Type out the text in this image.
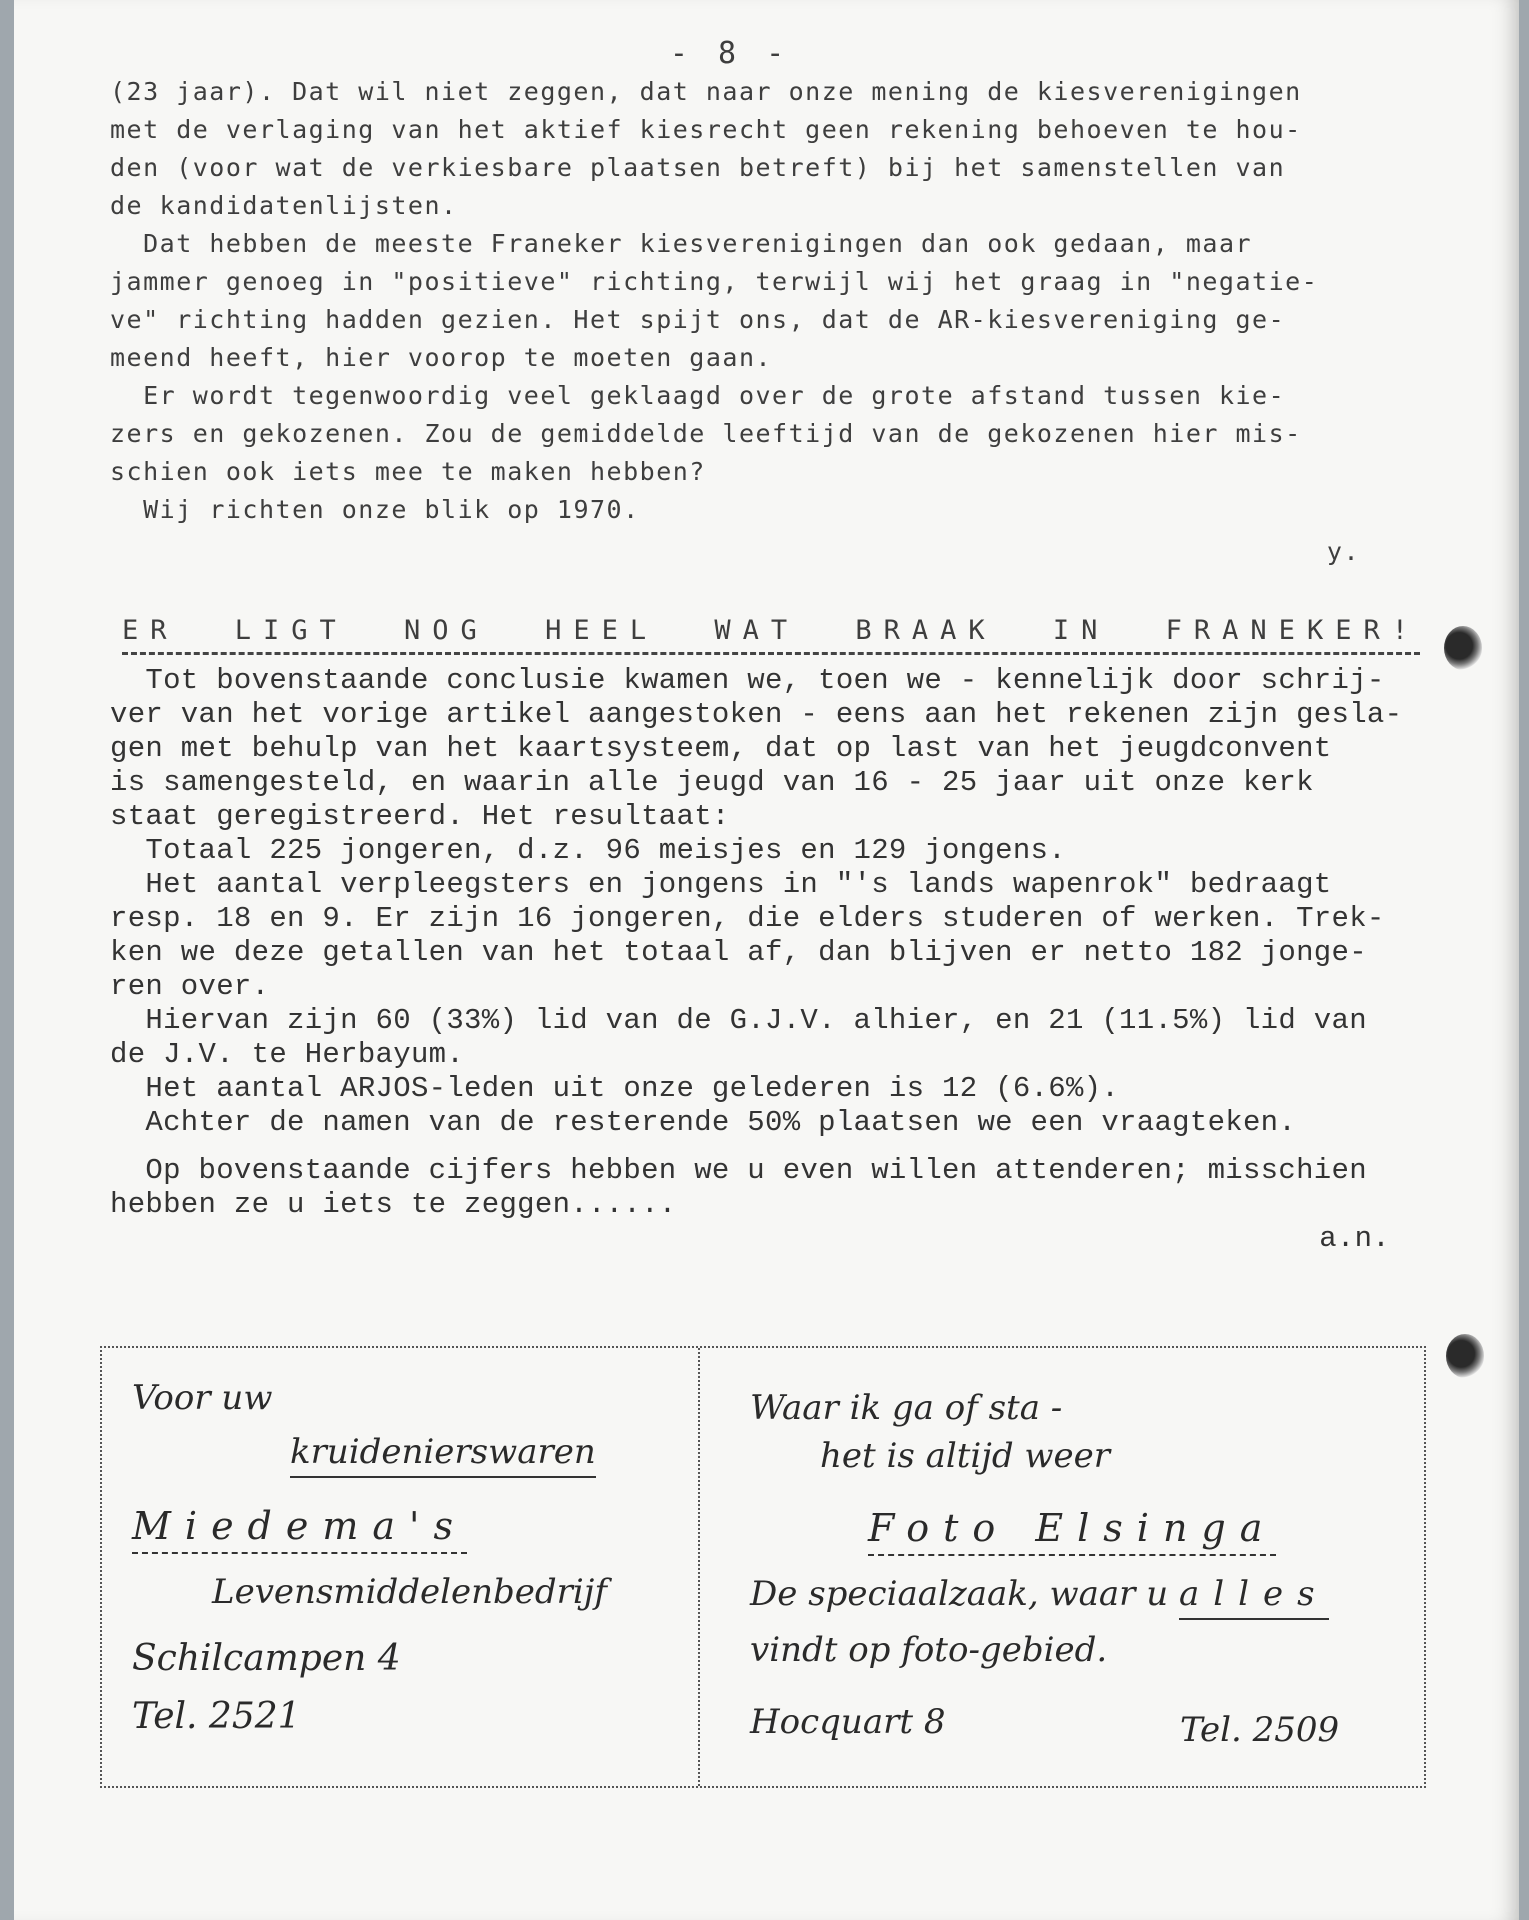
- 8 -

(23 jaar). Dat wil niet zeggen, dat naar onze mening de kiesverenigingen

met de verlaging van het aktief kiesrecht geen rekening behoeven te hou-

den (voor wat de verkiesbare plaatsen betreft) bij het samenstellen van

de kandidatenlijsten.

Dat hebben de meeste Franeker kiesverenigingen dan ook gedaan, maar

jammer genoeg in "positieve" richting, terwijl wij het graag in "negatie-

ve" richting hadden gezien. Het spijt ons, dat de AR-kiesvereniging ge-

meend heeft, hier voorop te moeten gaan.

Er wordt tegenwoordig veel geklaagd over de grote afstand tussen kie-

zers en gekozenen. Zou de gemiddelde leeftijd van de gekozenen hier mis-

schien ook iets mee te maken hebben?

Wij richten onze blik op 1970.

y.

ER LIGT NOG HEEL WAT BRAAK IN FRANEKER!

Tot bovenstaande conclusie kwamen we, toen we - kennelijk door schrij-

ver van het vorige artikel aangestoken - eens aan het rekenen zijn gesla-

gen met behulp van het kaartsysteem, dat op last van het jeugdconvent

is samengesteld, en waarin alle jeugd van 16 - 25 jaar uit onze kerk

staat geregistreerd. Het resultaat:

Totaal 225 jongeren, d.z. 96 meisjes en 129 jongens.

Het aantal verpleegsters en jongens in "'s lands wapenrok" bedraagt

resp. 18 en 9. Er zijn 16 jongeren, die elders studeren of werken. Trek-

ken we deze getallen van het totaal af, dan blijven er netto 182 jonge-

ren over.

Hiervan zijn 60 (33%) lid van de G.J.V. alhier, en 21 (11.5%) lid van

de J.V. te Herbayum.

Het aantal ARJOS-leden uit onze gelederen is 12 (6.6%).

Achter de namen van de resterende 50% plaatsen we een vraagteken.

Op bovenstaande cijfers hebben we u even willen attenderen; misschien

hebben ze u iets te zeggen......

a.n.

Voor uw
kruidenierswaren
Miedema's
Levensmiddelenbedrijf
Schilcampen 4
Tel. 2521
Waar ik ga of sta -
het is altijd weer
Foto Elsinga
De speciaalzaak, waar u alles
vindt op foto-gebied.
Hocquart 8	Tel. 2509
